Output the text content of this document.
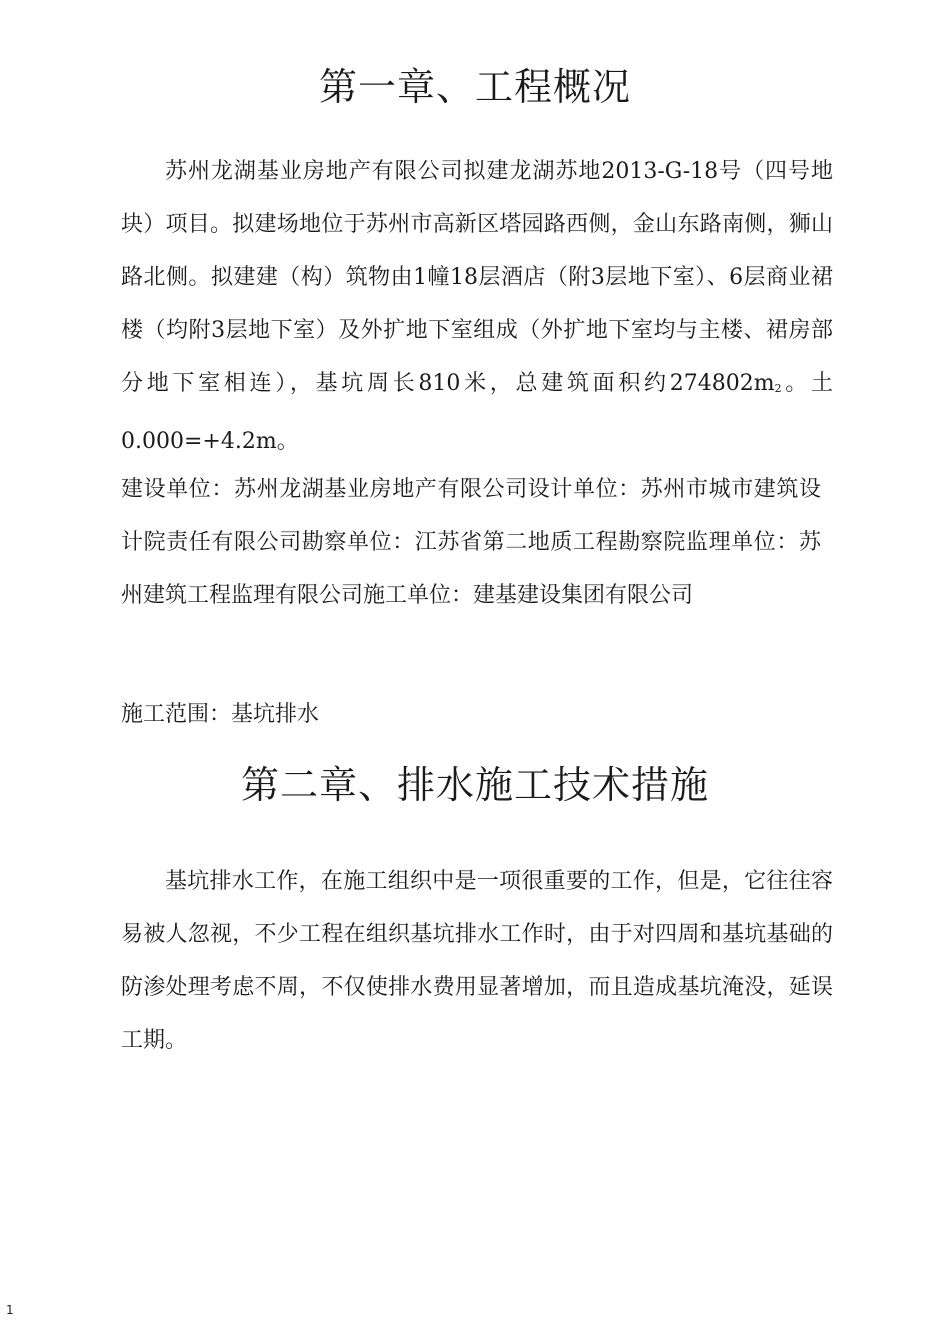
第一章、工程概况

苏州龙湖基业房地产有限公司拟建龙湖苏地2013-G-18号（四号地块）项目。拟建场地位于苏州市高新区塔园路西侧，金山东路南侧，狮山路北侧。拟建建（构）筑物由1幢18层酒店（附3层地下室）、6层商业裙楼（均附3层地下室）及外扩地下室组成（外扩地下室均与主楼、裙房部分地下室相连），基坑周长810米，总建筑面积约274802m2。土0.000=+4.2m。

建设单位：苏州龙湖基业房地产有限公司设计单位：苏州市城市建筑设计院责任有限公司勘察单位：江苏省第二地质工程勘察院监理单位：苏州建筑工程监理有限公司施工单位：建基建设集团有限公司

施工范围：基坑排水

第二章、排水施工技术措施

基坑排水工作，在施工组织中是一项很重要的工作，但是，它往往容易被人忽视，不少工程在组织基坑排水工作时，由于对四周和基坑基础的防渗处理考虑不周，不仅使排水费用显著增加，而且造成基坑淹没，延误工期。

1
